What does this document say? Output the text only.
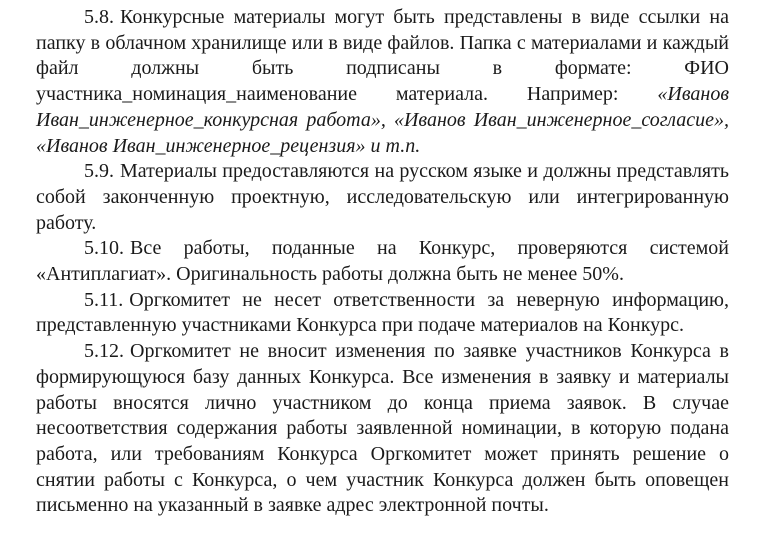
5.8. Конкурсные материалы могут быть представлены в виде ссылки на папку в облачном хранилище или в виде файлов. Папка с материалами и каждый файл должны быть подписаны в формате: ФИО участника_номинация_наименование материала. Например: «Иванов Иван_инженерное_конкурсная работа», «Иванов Иван_инженерное_согласие», «Иванов Иван_инженерное_рецензия» и т.п.

5.9. Материалы предоставляются на русском языке и должны представлять собой законченную проектную, исследовательскую или интегрированную работу.

5.10. Все работы, поданные на Конкурс, проверяются системой «Антиплагиат». Оригинальность работы должна быть не менее 50%.

5.11. Оргкомитет не несет ответственности за неверную информацию, представленную участниками Конкурса при подаче материалов на Конкурс.

5.12. Оргкомитет не вносит изменения по заявке участников Конкурса в формирующуюся базу данных Конкурса. Все изменения в заявку и материалы работы вносятся лично участником до конца приема заявок. В случае несоответствия содержания работы заявленной номинации, в которую подана работа, или требованиям Конкурса Оргкомитет может принять решение о снятии работы с Конкурса, о чем участник Конкурса должен быть оповещен письменно на указанный в заявке адрес электронной почты.
